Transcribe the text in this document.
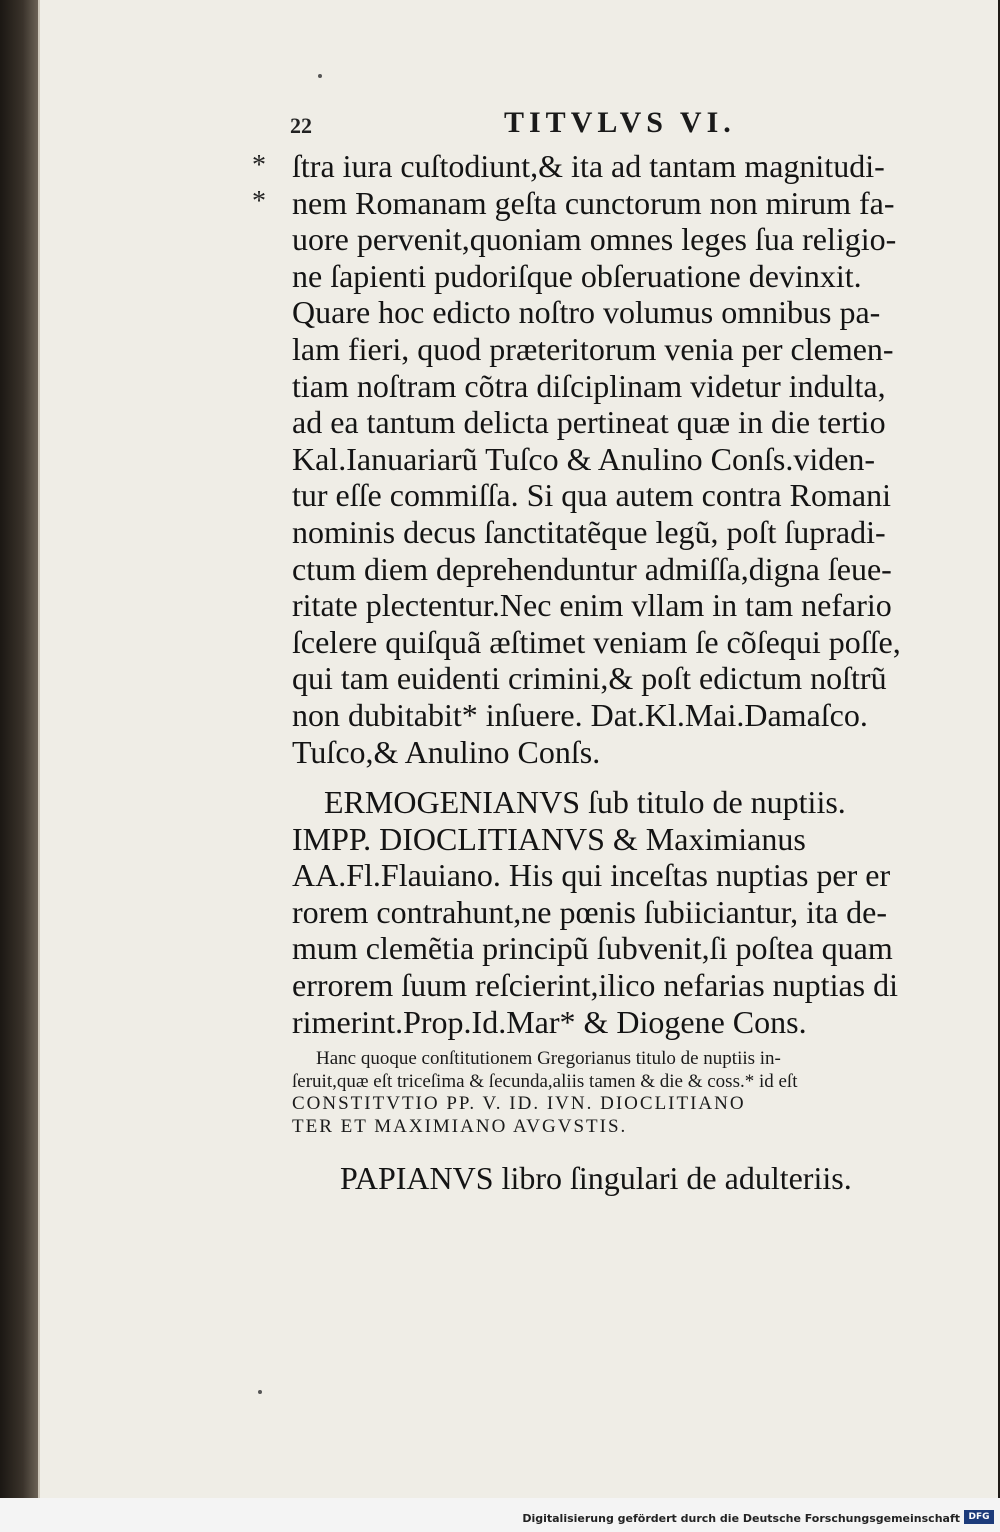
22	TITVLVS VI.
*
*
ſtra iura cuſtodiunt,& ita ad tantam magnitudi-
nem Romanam geſta cunctorum non mirum fa-
uore pervenit,quoniam omnes leges ſua religio-
ne ſapienti pudoriſque obſeruatione devinxit.
Quare hoc edicto noſtro volumus omnibus pa-
lam fieri, quod præteritorum venia per clemen-
tiam noſtram cõtra diſciplinam videtur indulta,
ad ea tantum delicta pertineat quæ in die tertio
Kal.Ianuariarũ Tuſco & Anulino Conſs.viden-
tur eſſe commiſſa. Si qua autem contra Romani
nominis decus ſanctitatẽque legũ, poſt ſupradi-
ctum diem deprehenduntur admiſſa,digna ſeue-
ritate plectentur.Nec enim vllam in tam nefario
ſcelere quiſquã æſtimet veniam ſe cõſequi poſſe,
qui tam euidenti crimini,& poſt edictum noſtrũ
non dubitabit* inſuere. Dat.Kl.Mai.Damaſco.
Tuſco,& Anulino Conſs.
ERMOGENIANVS ſub titulo de nuptiis.
IMPP. DIOCLITIANVS & Maximianus
AA.Fl.Flauiano. His qui inceſtas nuptias per er
rorem contrahunt,ne pœnis ſubiiciantur, ita de-
mum clemẽtia principũ ſubvenit,ſi poſtea quam
errorem ſuum reſcierint,ilico nefarias nuptias di
rimerint.Prop.Id.Mar* & Diogene Cons.
Hanc quoque conſtitutionem Gregorianus titulo de nuptiis in-
ſeruit,quæ eſt triceſima & ſecunda,aliis tamen & die & coss.* id eſt
CONSTITVTIO PP. V. ID. IVN. DIOCLITIANO
TER ET MAXIMIANO AVGVSTIS.
PAPIANVS libro ſingulari de adulteriis.
Digitalisierung gefördert durch die Deutsche Forschungsgemeinschaft DFG
